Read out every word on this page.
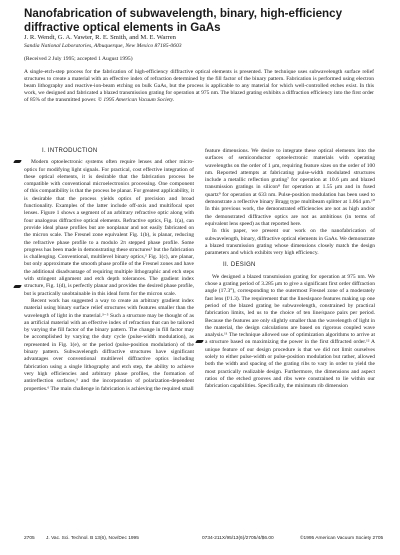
Nanofabrication of subwavelength, binary, high-efficiency diffractive optical elements in GaAs
J. R. Wendt, G. A. Vawter, R. E. Smith, and M. E. Warren
Sandia National Laboratories, Albuquerque, New Mexico 87185-0603
(Received 2 July 1995; accepted 1 August 1995)

A single-etch-step process for the fabrication of high-efficiency diffractive optical elements is presented. The technique uses subwavelength surface relief structures to create a material with an effective index of refraction determined by the fill factor of the binary pattern. Fabrication is performed using electron beam lithography and reactive-ion-beam etching on bulk GaAs, but the process is applicable to any material for which well-controlled etches exist. In this work, we designed and fabricated a blazed transmission grating for operation at 975 nm. The blazed grating exhibits a diffraction efficiency into the first order of 85% of the transmitted power. © 1995 American Vacuum Society.

I. INTRODUCTION

Modern optoelectronic systems often require lenses and other micro-optics for modifying light signals. For practical, cost effective integration of these optical elements, it is desirable that the fabrication process be compatible with conventional microelectronics processing. One component of this compatibility is that the process be planar. For greatest applicability, it is desirable that the process yields optics of precision and broad functionality. Examples of the latter include off-axis and multifocal spot lenses. Figure 1 shows a segment of an arbitrary refractive optic along with four analogous diffractive optical elements. Refractive optics, Fig. 1(a), can provide ideal phase profiles but are nonplanar and not easily fabricated on the micron scale. The Fresnel zone equivalent Fig. 1(b), is planar, reducing the refractive phase profile to a modulo 2π stepped phase profile. Some progress has been made in demonstrating these structures¹ but the fabrication is challenging. Conventional, multilevel binary optics,² Fig. 1(c), are planar, but only approximate the smooth phase profile of the Fresnel zones and have the additional disadvantage of requiring multiple lithographic and etch steps with stringent alignment and etch depth tolerances. The gradient index structure, Fig. 1(d), is perfectly planar and provides the desired phase profile, but is practically unobtainable in this ideal form for the micron scale.

Recent work has suggested a way to create an arbitrary gradient index material using binary surface relief structures with features smaller than the wavelength of light in the material.³⁻⁵ Such a structure may be thought of as an artificial material with an effective index of refraction that can be tailored by varying the fill factor of the binary pattern. The change in fill factor may be accomplished by varying the duty cycle (pulse-width modulation), as represented in Fig. 1(e), or the period (pulse-position modulation) of the binary pattern. Subwavelength diffractive structures have significant advantages over conventional multilevel diffractive optics including fabrication using a single lithography and etch step, the ability to achieve very high efficiencies and arbitrary phase profiles, the formation of antireflection surfaces,³ and the incorporation of polarization-dependent properties.⁶ The main challenge in fabrication is achieving the required small

feature dimensions. We desire to integrate these optical elements into the surfaces of semiconductor optoelectronic materials with operating wavelengths on the order of 1 μm, requiring feature sizes on the order of 100 nm. Reported attempts at fabricating pulse-width modulated structures include a metallic reflection grating⁷ for operation at 10.6 μm and blazed transmission gratings in silicon⁸ for operation at 1.55 μm and in fused quartz⁹ for operation at 633 nm. Pulse-position modulation has been used to demonstrate a reflective binary Bragg type multibeam splitter at 1.064 μm.¹⁰ In this previous work, the demonstrated efficiencies are not as high and/or the demonstrated diffractive optics are not as ambitious (in terms of equivalent lens speed) as that reported here.

In this paper, we present our work on the nanofabrication of subwavelength, binary, diffractive optical elements in GaAs. We demonstrate a blazed transmission grating whose dimensions closely match the design parameters and which exhibits very high efficiency.

II. DESIGN

We designed a blazed transmission grating for operation at 975 nm. We chose a grating period of 3.285 μm to give a significant first order diffraction angle (17.3°), corresponding to the outermost Fresnel zone of a moderately fast lens (f/1.3). The requirement that the lineslspace features making up one period of the blazed grating be subwavelength, constrained by practical fabrication limits, led us to the choice of ten line/space pairs per period. Because the features are only slightly smaller than the wavelength of light in the material, the design calculations are based on rigorous coupled wave analysis.¹¹ The technique allowed use of optimization algorithms to arrive at a structure based on maximizing the power in the first diffracted order.¹² A unique feature of our design procedure is that we did not limit ourselves solely to either pulse-width or pulse-position modulation but rather, allowed both the width and spacing of the grating ribs to vary in order to yield the most practically realizable design. Furthermore, the dimensions and aspect ratios of the etched grooves and ribs were constrained to lie within our fabrication capabilities. Specifically, the minimum rib dimension

2705 J. Vac. Sci. Technol. B 13(6), Nov/Dec 1995	0734-211X/95/13(6)/2705/4/$6.00	©1995 American Vacuum Society 2705
